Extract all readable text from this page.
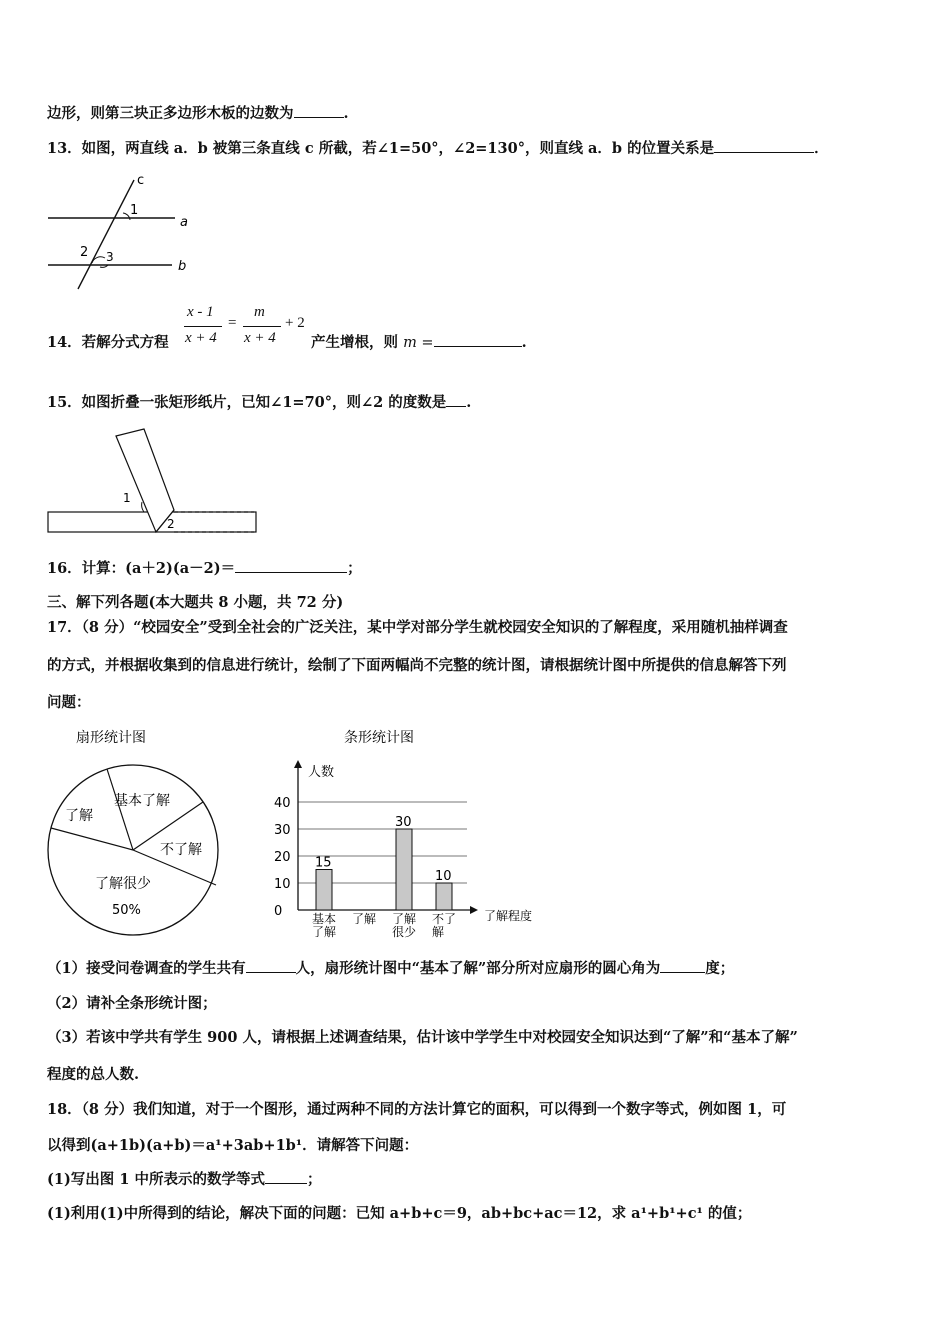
边形，则第三块正多边形木板的边数为	.
13．如图，两直线 a．b 被第三条直线 c 所截，若∠1=50°，∠2=130°，则直线 a．b 的位置关系是	．
c
1
a
2 3
b
14．若解分式方程
x - 1
x + 4
=
m
x + 4
+ 2
产生增根，则 m =	.
15．如图折叠一张矩形纸片，已知∠1=70°，则∠2 的度数是 .
1
2
16．计算：(a＋2)(a－2)＝	；
三、解下列各题(本大题共 8 小题，共 72 分)
17．（8 分）“校园安全”受到全社会的广泛关注，某中学对部分学生就校园安全知识的了解程度，采用随机抽样调查
的方式，并根据收集到的信息进行统计，绘制了下面两幅尚不完整的统计图，请根据统计图中所提供的信息解答下列
问题：
扇形统计图
基本了解
了解
不了解
了解很少
50%
条形统计图
人数
0
10
20
30
40
了解程度
15
基本
了解
了解
30
了解
很少
10
不了
解
（1）接受问卷调查的学生共有	人，扇形统计图中“基本了解”部分所对应扇形的圆心角为	度；
（2）请补全条形统计图；
（3）若该中学共有学生 900 人，请根据上述调查结果，估计该中学学生中对校园安全知识达到“了解”和“基本了解”
程度的总人数.
18．（8 分）我们知道，对于一个图形，通过两种不同的方法计算它的面积，可以得到一个数字等式，例如图 1，可
以得到(a+1b)(a+b)＝a¹+3ab+1b¹．请解答下问题：
(1)写出图 1 中所表示的数学等式	；
(1)利用(1)中所得到的结论，解决下面的问题：已知 a+b+c＝9，ab+bc+ac＝12，求 a¹+b¹+c¹ 的值；
